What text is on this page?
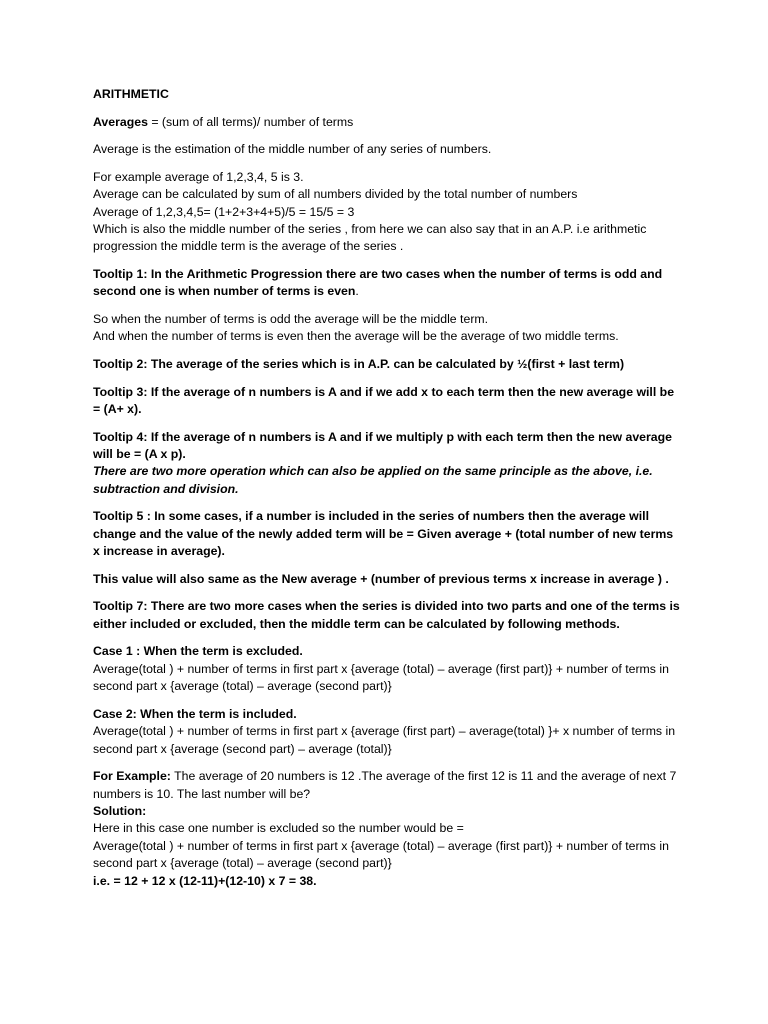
ARITHMETIC

Averages = (sum of all terms)/ number of terms

Average is the estimation of the middle number of any series of numbers.

For example average of 1,2,3,4, 5 is 3.
Average can be calculated by sum of all numbers divided by the total number of numbers
Average of 1,2,3,4,5= (1+2+3+4+5)/5 = 15/5 = 3
Which is also the middle number of the series , from here we can also say that in an A.P. i.e arithmetic progression the middle term is the average of the series .

Tooltip 1: In the Arithmetic Progression there are two cases when the number of terms is odd and second one is when number of terms is even.

So when the number of terms is odd the average will be the middle term.
And when the number of terms is even then the average will be the average of two middle terms.

Tooltip 2: The average of the series which is in A.P. can be calculated by ½(first + last term)

Tooltip 3: If the average of n numbers is A and if we add x to each term then the new average will be = (A+ x).

Tooltip 4: If the average of n numbers is A and if we multiply p with each term then the new average will be = (A x p).
There are two more operation which can also be applied on the same principle as the above, i.e. subtraction and division.

Tooltip 5 : In some cases, if a number is included in the series of numbers then the average will change and the value of the newly added term will be = Given average + (total number of new terms x increase in average).

This value will also same as the New average + (number of previous terms x increase in average ) .

Tooltip 7: There are two more cases when the series is divided into two parts and one of the terms is either included or excluded, then the middle term can be calculated by following methods.

Case 1 : When the term is excluded.
Average(total ) + number of terms in first part x {average (total) – average (first part)} + number of terms in second part x {average (total) – average (second part)}

Case 2: When the term is included.
Average(total ) + number of terms in first part x {average (first part) – average(total) }+ x number of terms in second part x {average (second part) – average (total)}

For Example: The average of 20 numbers is 12 .The average of the first 12 is 11 and the average of next 7 numbers is 10. The last number will be?
Solution:
Here in this case one number is excluded so the number would be =
Average(total ) + number of terms in first part x {average (total) – average (first part)} + number of terms in second part x {average (total) – average (second part)}
i.e. = 12 + 12 x (12-11)+(12-10) x 7 = 38.
